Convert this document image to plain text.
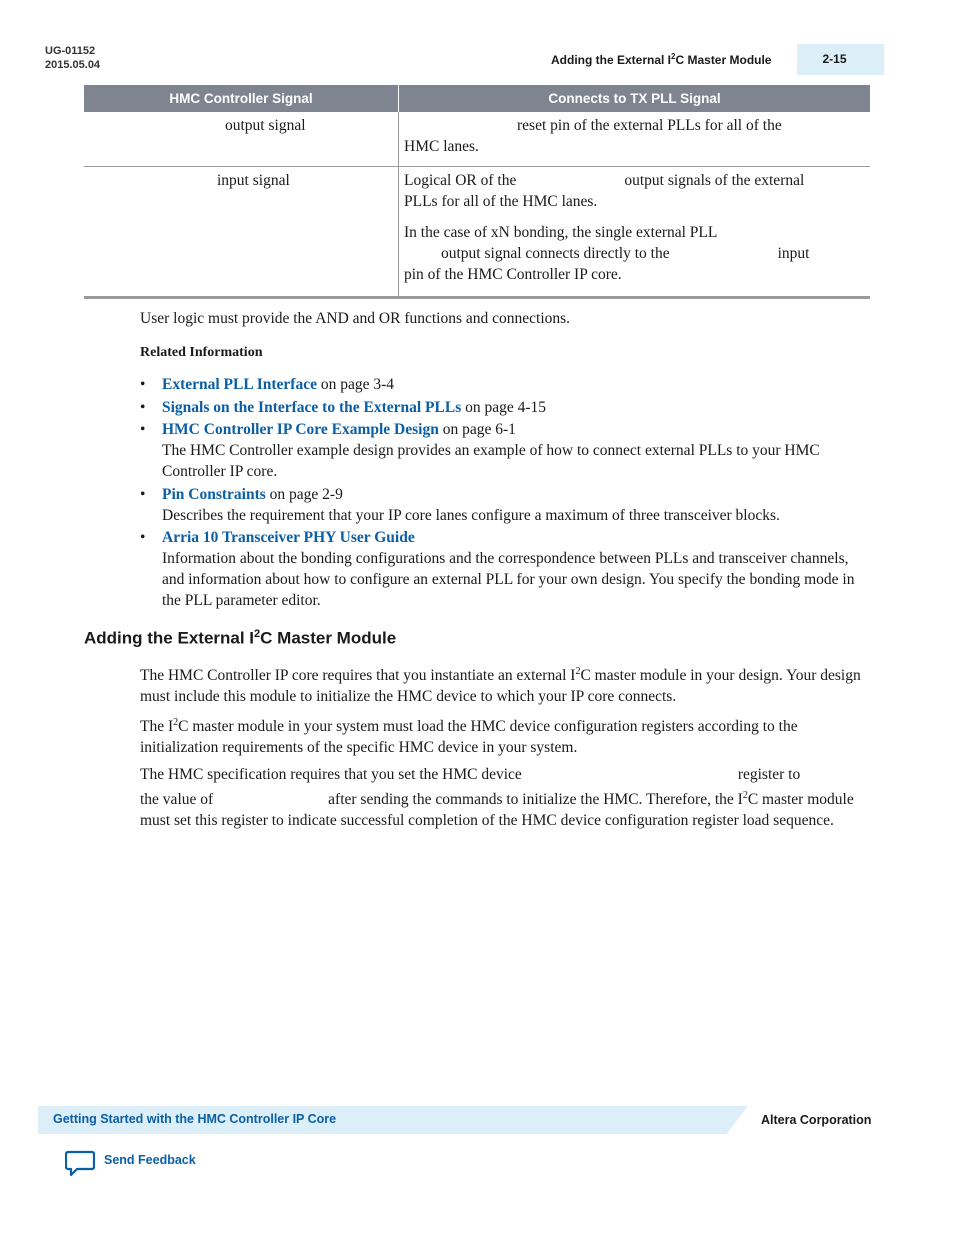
UG-01152
2015.05.04	Adding the External $I^2C$ Master Module	2-15
HMC Controller Signal	Connects to TX PLL Signal
output signal	reset pin of the external PLLs for all of the
HMC lanes.

input signal	Logical OR of the output signals of the external
PLLs for all of the HMC lanes.

In the case of xN bonding, the single external PLL
output signal connects directly to the input
pin of the HMC Controller IP core.

User logic must provide the AND and OR functions and connections.

Related Information
• External PLL Interface on page 3-4
• Signals on the Interface to the External PLLs on page 4-15
• HMC Controller IP Core Example Design on page 6-1
The HMC Controller example design provides an example of how to connect external PLLs to your HMC Controller IP core.
• Pin Constraints on page 2-9
Describes the requirement that your IP core lanes configure a maximum of three transceiver blocks.
• Arria 10 Transceiver PHY User Guide
Information about the bonding configurations and the correspondence between PLLs and transceiver channels, and information about how to configure an external PLL for your own design. You specify the bonding mode in the PLL parameter editor.
Adding the External $I^2C$ Master Module

The HMC Controller IP core requires that you instantiate an external $I^2C$ master module in your design. Your design must include this module to initialize the HMC device to which your IP core connects.

The $I^2C$ master module in your system must load the HMC device configuration registers according to the initialization requirements of the specific HMC device in your system.

The HMC specification requires that you set the HMC device	register to
the value of	after sending the commands to initialize the HMC. Therefore, the $I^2C$ master module must set this register to indicate successful completion of the HMC device configuration register load sequence.

Getting Started with the HMC Controller IP Core	Altera Corporation
Send Feedback
